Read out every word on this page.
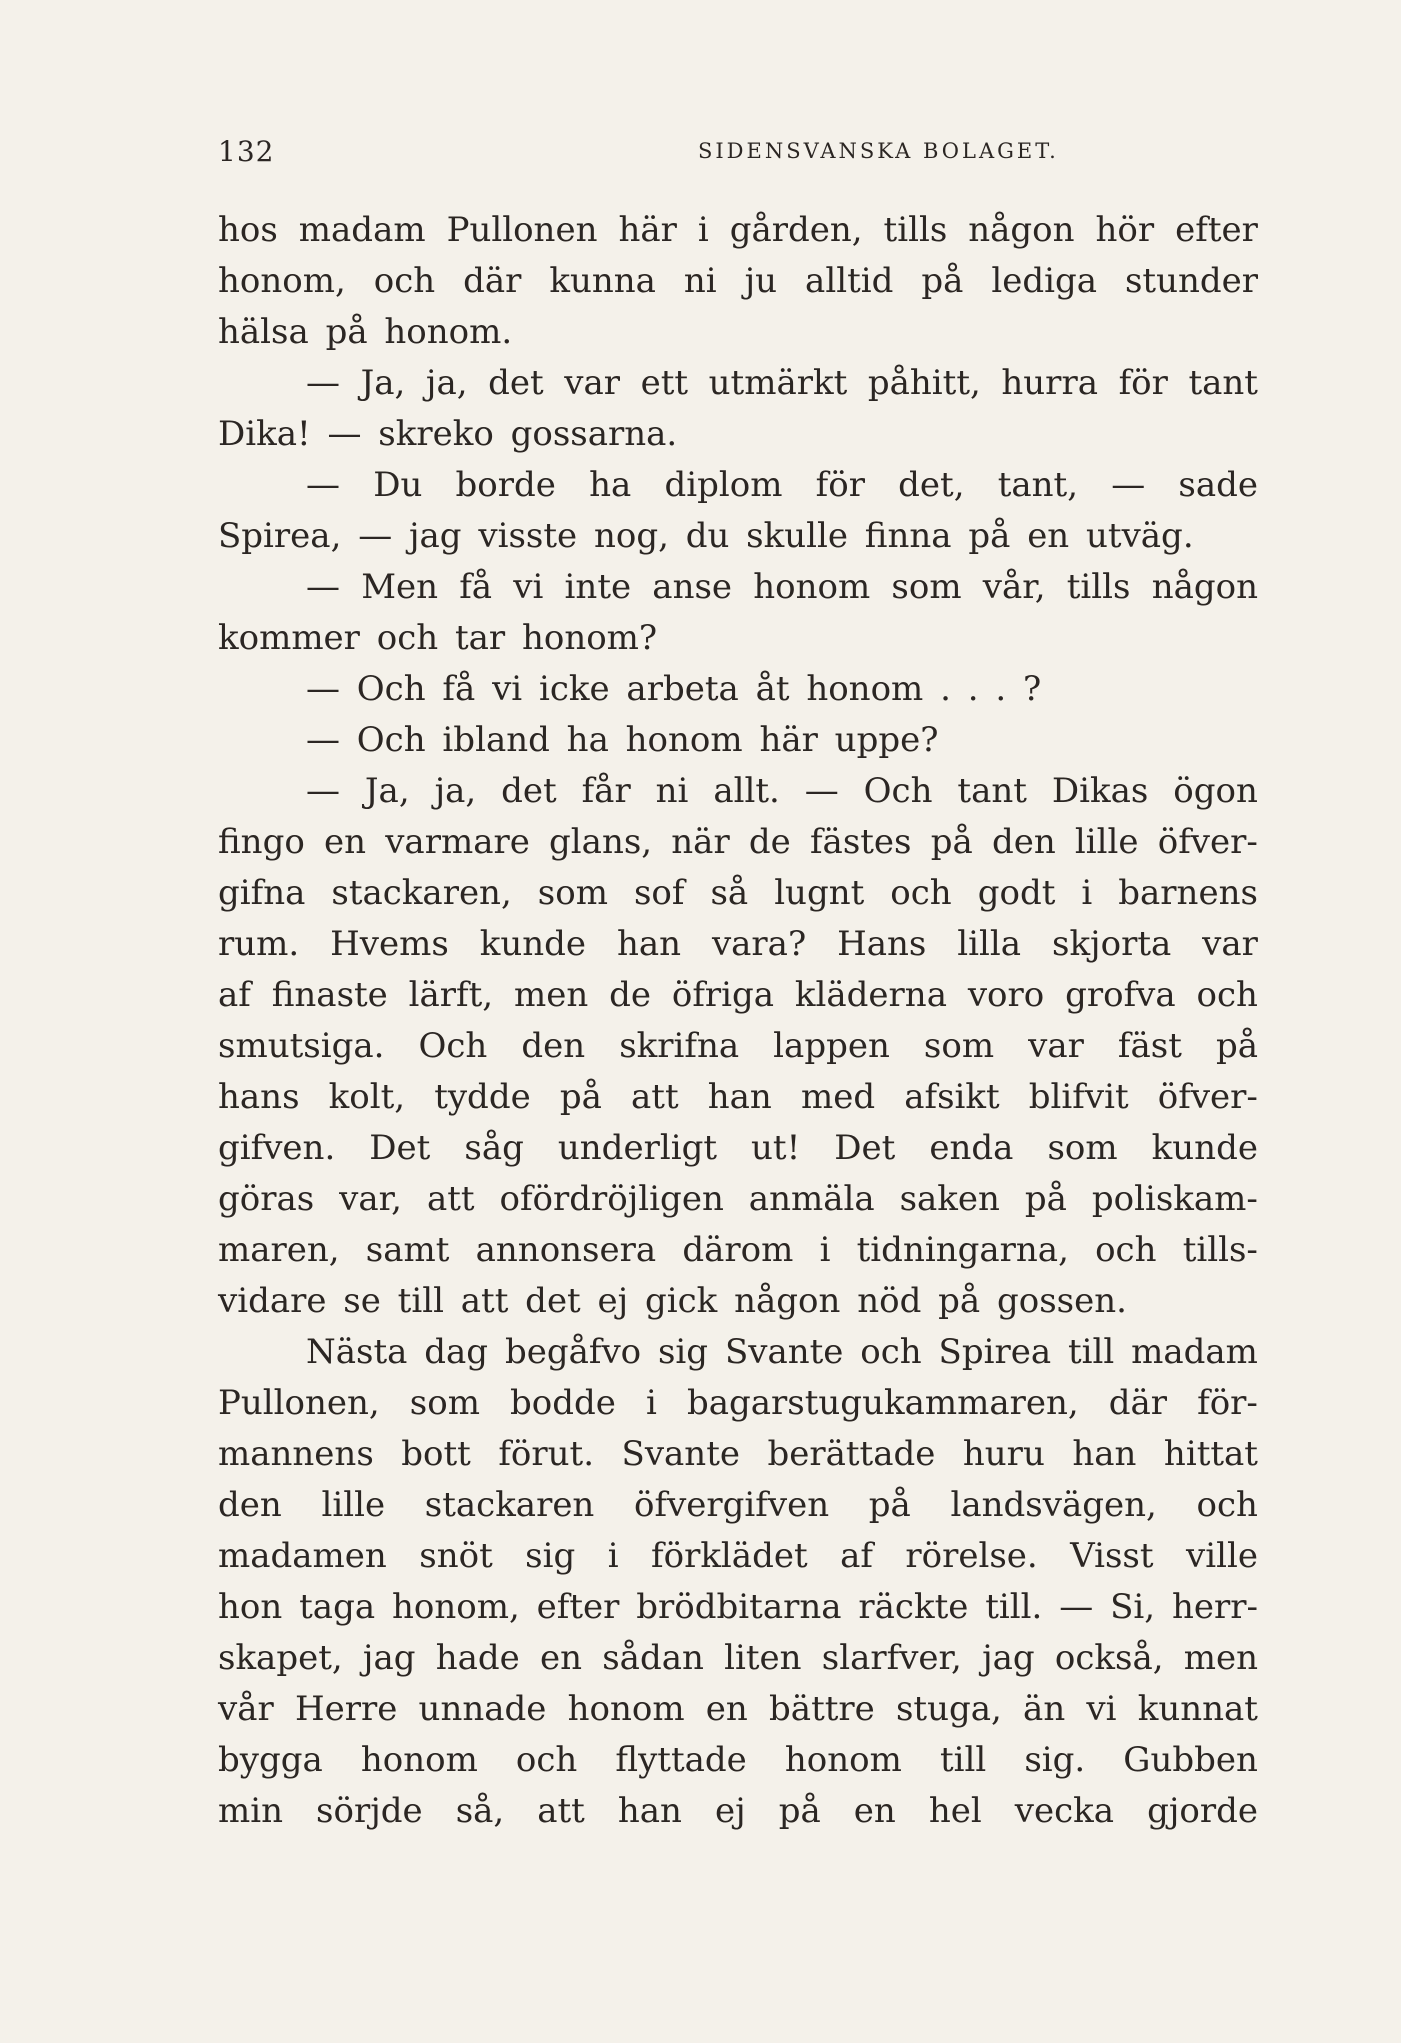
132	SIDENSVANSKA BOLAGET.
hos madam Pullonen här i gården, tills någon hör efter
honom, och där kunna ni ju alltid på lediga stunder
hälsa på honom.
— Ja, ja, det var ett utmärkt påhitt, hurra för tant
Dika! — skreko gossarna.
— Du borde ha diplom för det, tant, — sade
Spirea, — jag visste nog, du skulle finna på en utväg.
— Men få vi inte anse honom som vår, tills någon
kommer och tar honom?
— Och få vi icke arbeta åt honom . . . ?
— Och ibland ha honom här uppe?
— Ja, ja, det får ni allt. — Och tant Dikas ögon
fingo en varmare glans, när de fästes på den lille öfver-
gifna stackaren, som sof så lugnt och godt i barnens
rum. Hvems kunde han vara? Hans lilla skjorta var
af finaste lärft, men de öfriga kläderna voro grofva och
smutsiga. Och den skrifna lappen som var fäst på
hans kolt, tydde på att han med afsikt blifvit öfver-
gifven. Det såg underligt ut! Det enda som kunde
göras var, att ofördröjligen anmäla saken på poliskam-
maren, samt annonsera därom i tidningarna, och tills-
vidare se till att det ej gick någon nöd på gossen.
Nästa dag begåfvo sig Svante och Spirea till madam
Pullonen, som bodde i bagarstugukammaren, där för-
mannens bott förut. Svante berättade huru han hittat
den lille stackaren öfvergifven på landsvägen, och
madamen snöt sig i förklädet af rörelse. Visst ville
hon taga honom, efter brödbitarna räckte till. — Si, herr-
skapet, jag hade en sådan liten slarfver, jag också, men
vår Herre unnade honom en bättre stuga, än vi kunnat
bygga honom och flyttade honom till sig. Gubben
min sörjde så, att han ej på en hel vecka gjorde
